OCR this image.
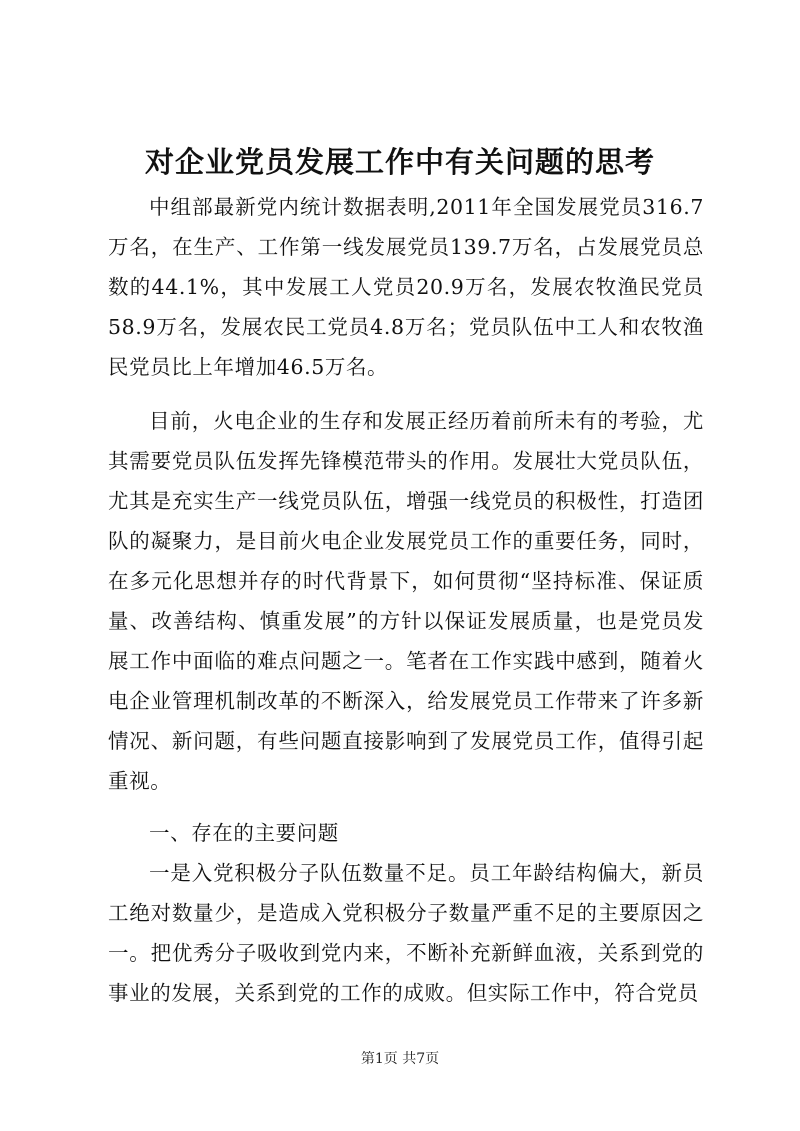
对企业党员发展工作中有关问题的思考

中组部最新党内统计数据表明,2011年全国发展党员316.7万名，在生产、工作第一线发展党员139.7万名，占发展党员总数的44.1%，其中发展工人党员20.9万名，发展农牧渔民党员58.9万名，发展农民工党员4.8万名；党员队伍中工人和农牧渔民党员比上年增加46.5万名。

目前，火电企业的生存和发展正经历着前所未有的考验，尤其需要党员队伍发挥先锋模范带头的作用。发展壮大党员队伍，尤其是充实生产一线党员队伍，增强一线党员的积极性，打造团队的凝聚力，是目前火电企业发展党员工作的重要任务，同时，在多元化思想并存的时代背景下，如何贯彻“坚持标准、保证质量、改善结构、慎重发展”的方针以保证发展质量，也是党员发展工作中面临的难点问题之一。笔者在工作实践中感到，随着火电企业管理机制改革的不断深入，给发展党员工作带来了许多新情况、新问题，有些问题直接影响到了发展党员工作，值得引起重视。

一、存在的主要问题

一是入党积极分子队伍数量不足。员工年龄结构偏大，新员工绝对数量少，是造成入党积极分子数量严重不足的主要原因之一。把优秀分子吸收到党内来，不断补充新鲜血液，关系到党的事业的发展，关系到党的工作的成败。但实际工作中，符合党员

第1页 共7页
